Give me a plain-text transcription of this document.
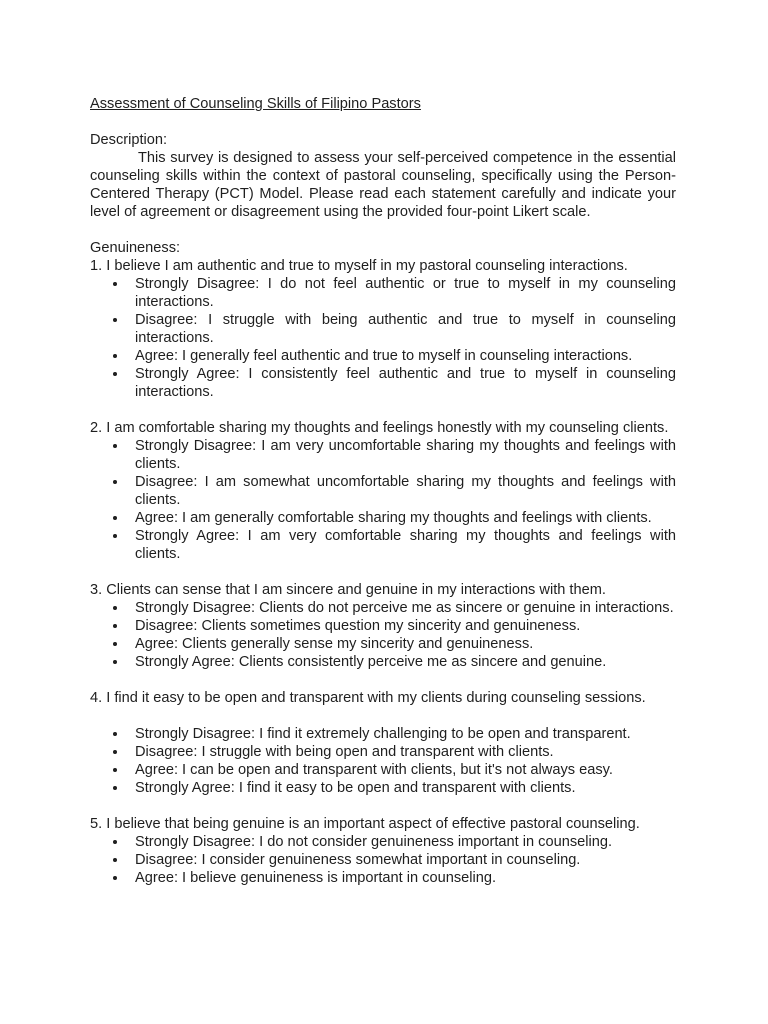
Assessment of Counseling Skills of Filipino Pastors

Description:

This survey is designed to assess your self-perceived competence in the essential counseling skills within the context of pastoral counseling, specifically using the Person-Centered Therapy (PCT) Model. Please read each statement carefully and indicate your level of agreement or disagreement using the provided four-point Likert scale.

Genuineness:

1. I believe I am authentic and true to myself in my pastoral counseling interactions.

Strongly Disagree: I do not feel authentic or true to myself in my counseling interactions.
Disagree: I struggle with being authentic and true to myself in counseling interactions.
Agree: I generally feel authentic and true to myself in counseling interactions.
Strongly Agree: I consistently feel authentic and true to myself in counseling interactions.

2. I am comfortable sharing my thoughts and feelings honestly with my counseling clients.

Strongly Disagree: I am very uncomfortable sharing my thoughts and feelings with clients.
Disagree: I am somewhat uncomfortable sharing my thoughts and feelings with clients.
Agree: I am generally comfortable sharing my thoughts and feelings with clients.
Strongly Agree: I am very comfortable sharing my thoughts and feelings with clients.

3. Clients can sense that I am sincere and genuine in my interactions with them.

Strongly Disagree: Clients do not perceive me as sincere or genuine in interactions.
Disagree: Clients sometimes question my sincerity and genuineness.
Agree: Clients generally sense my sincerity and genuineness.
Strongly Agree: Clients consistently perceive me as sincere and genuine.

4. I find it easy to be open and transparent with my clients during counseling sessions.

Strongly Disagree: I find it extremely challenging to be open and transparent.
Disagree: I struggle with being open and transparent with clients.
Agree: I can be open and transparent with clients, but it's not always easy.
Strongly Agree: I find it easy to be open and transparent with clients.

5. I believe that being genuine is an important aspect of effective pastoral counseling.

Strongly Disagree: I do not consider genuineness important in counseling.
Disagree: I consider genuineness somewhat important in counseling.
Agree: I believe genuineness is important in counseling.
